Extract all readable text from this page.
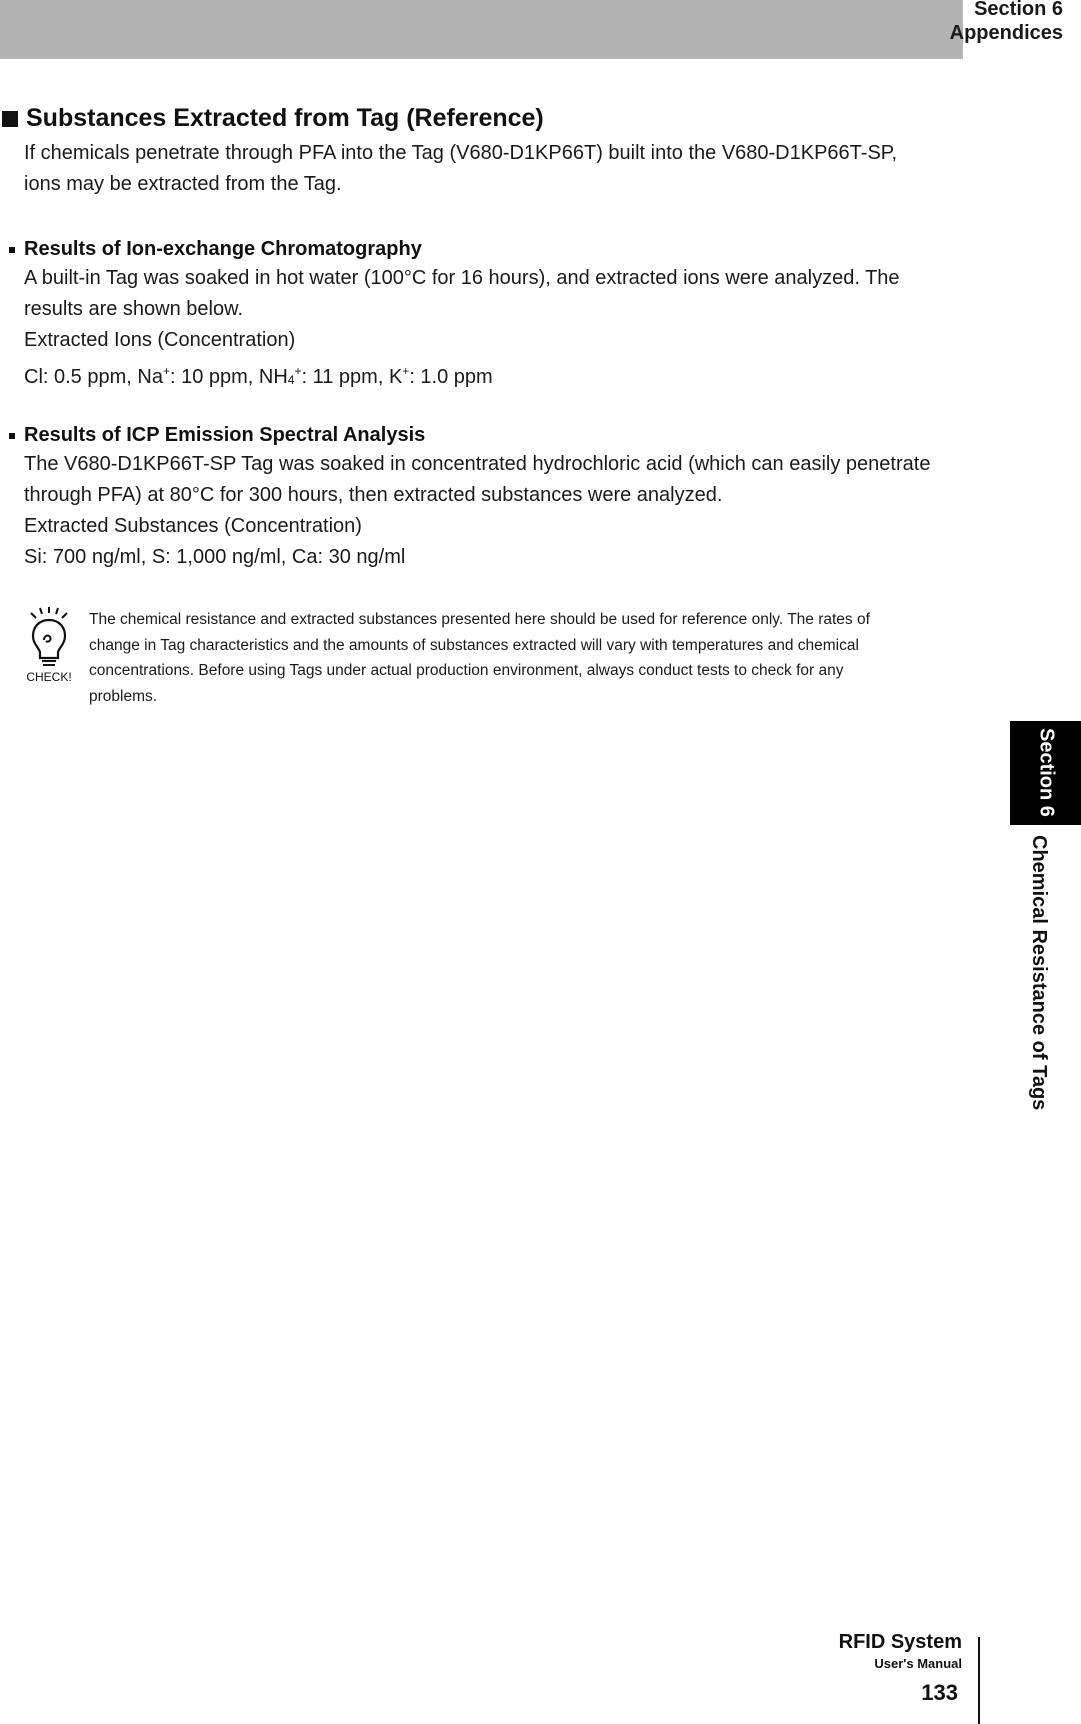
Section 6
Appendices
Substances Extracted from Tag (Reference)
If chemicals penetrate through PFA into the Tag (V680-D1KP66T) built into the V680-D1KP66T-SP,
ions may be extracted from the Tag.
Results of Ion-exchange Chromatography
A built-in Tag was soaked in hot water (100°C for 16 hours), and extracted ions were analyzed. The
results are shown below.
Extracted Ions (Concentration)
Cl: 0.5 ppm, Na+: 10 ppm, $NH_4^+$: 11 ppm, K+: 1.0 ppm
Results of ICP Emission Spectral Analysis
The V680-D1KP66T-SP Tag was soaked in concentrated hydrochloric acid (which can easily penetrate
through PFA) at 80°C for 300 hours, then extracted substances were analyzed.
Extracted Substances (Concentration)
Si: 700 ng/ml, S: 1,000 ng/ml, Ca: 30 ng/ml
CHECK!
The chemical resistance and extracted substances presented here should be used for reference only. The rates of
change in Tag characteristics and the amounts of substances extracted will vary with temperatures and chemical
concentrations. Before using Tags under actual production environment, always conduct tests to check for any
problems.
Section 6
Chemical Resistance of Tags
RFID System
User's Manual
133
